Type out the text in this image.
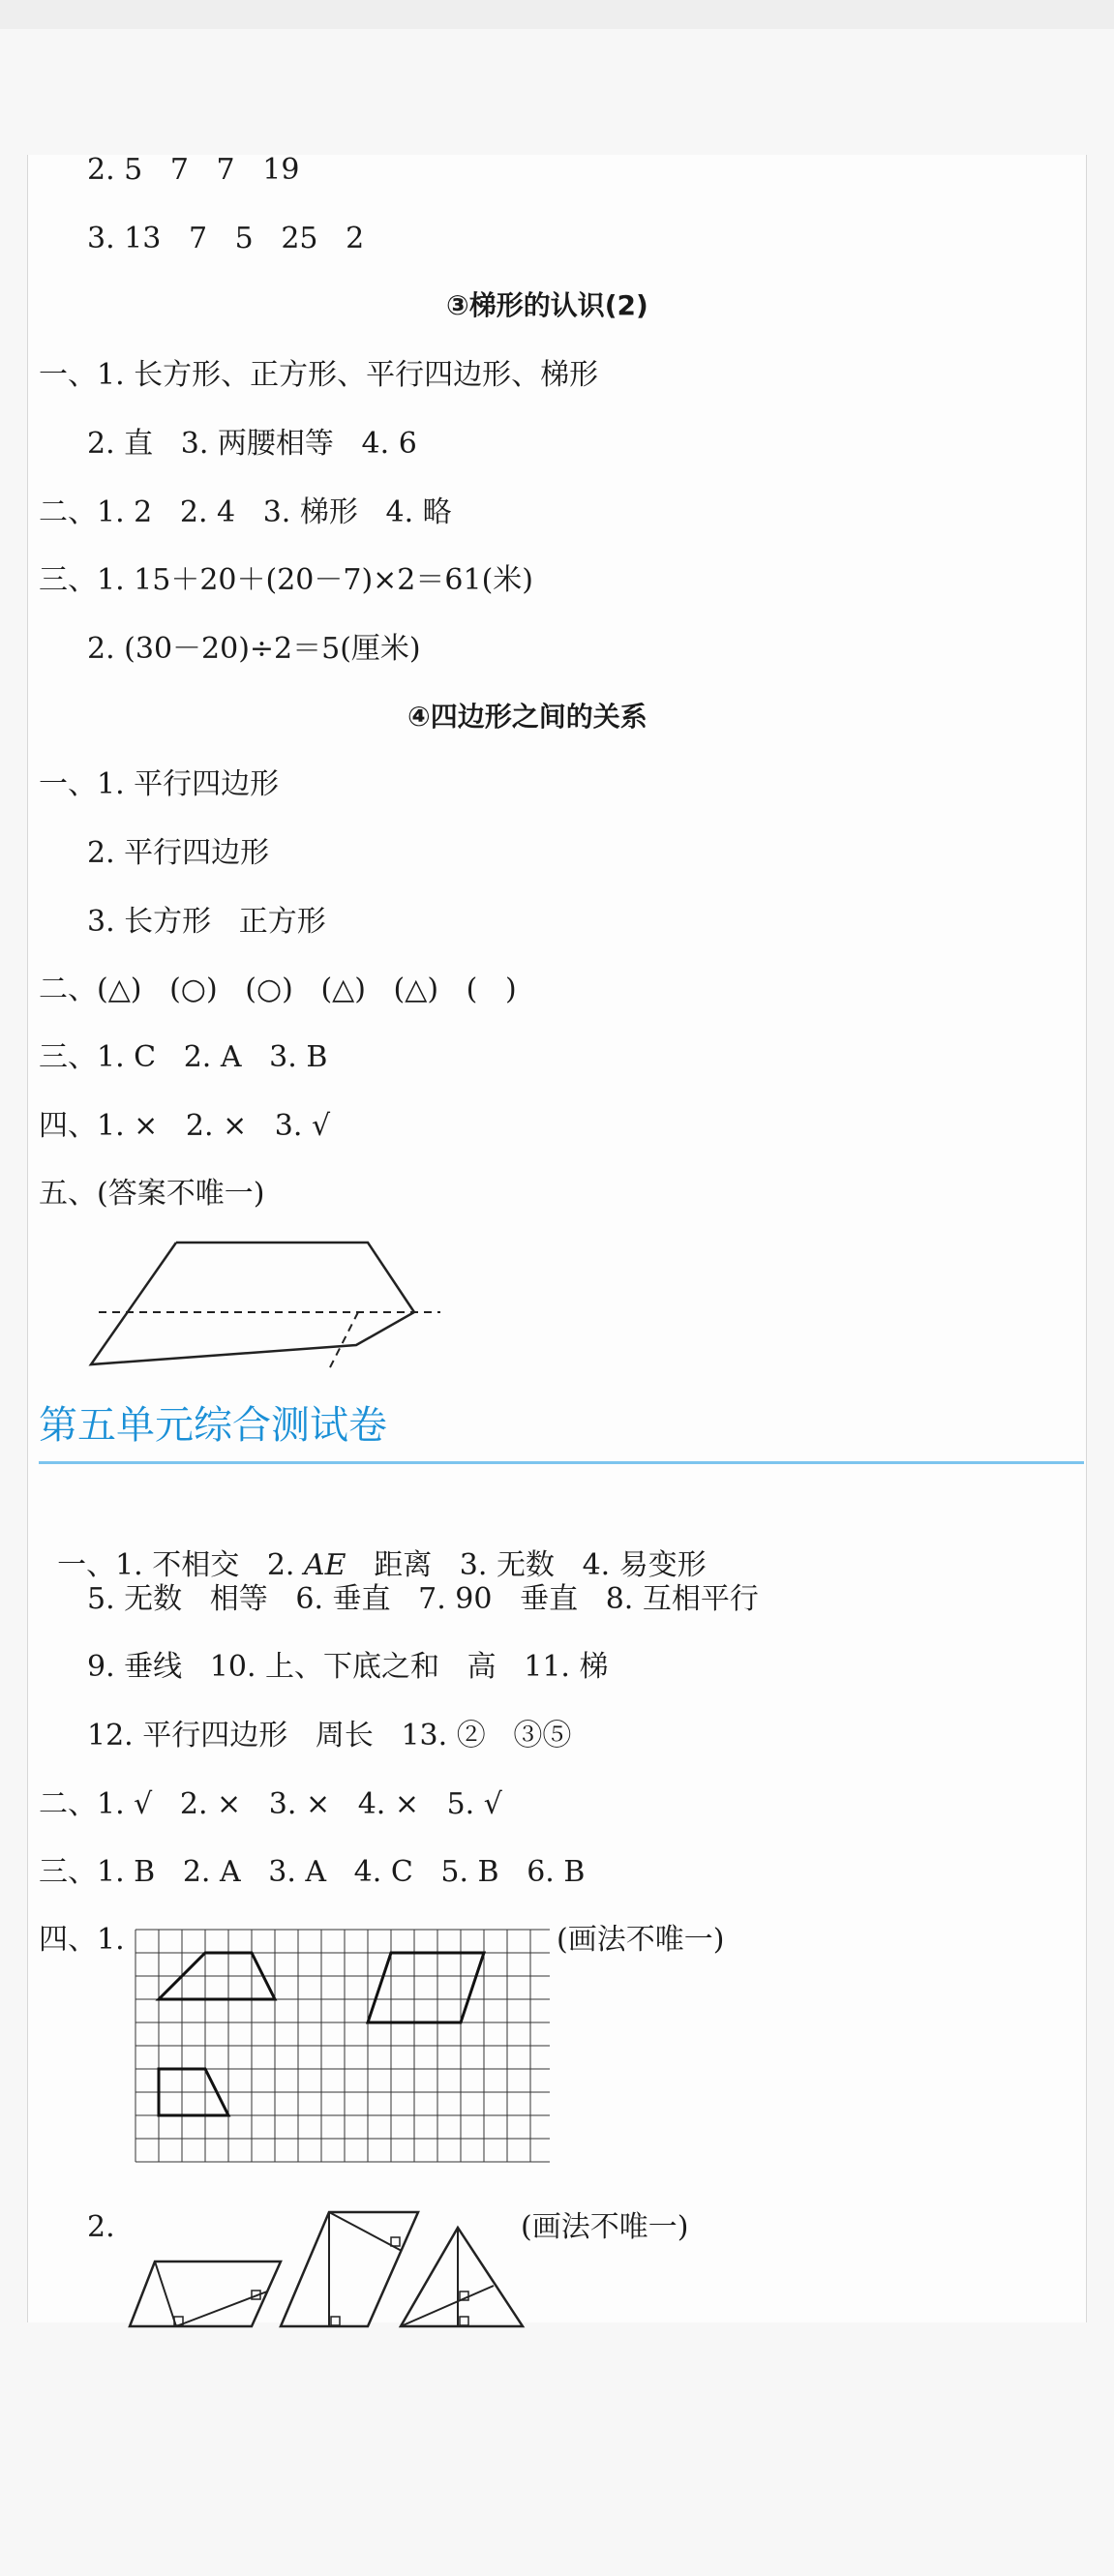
2. 5   7   7   19
3. 13   7   5   25   2
③梯形的认识(2)
一、1. 长方形、正方形、平行四边形、梯形
2. 直   3. 两腰相等   4. 6
二、1. 2   2. 4   3. 梯形   4. 略
三、1. 15＋20＋(20－7)×2＝61(米)
2. (30－20)÷2＝5(厘米)
④四边形之间的关系
一、1. 平行四边形
2. 平行四边形
3. 长方形   正方形
二、(△)   (○)   (○)   (△)   (△)   (   )
三、1. C   2. A   3. B
四、1. ×   2. ×   3. √
五、(答案不唯一)
第五单元综合测试卷

一、1. 不相交   2. AE   距离   3. 无数   4. 易变形

5. 无数   相等   6. 垂直   7. 90   垂直   8. 互相平行
9. 垂线   10. 上、下底之和   高   11. 梯
12. 平行四边形   周长   13. ②   ③⑤
二、1. √   2. ×   3. ×   4. ×   5. √
三、1. B   2. A   3. A   4. C   5. B   6. B
四、1.	(画法不唯一)
2.	(画法不唯一)
